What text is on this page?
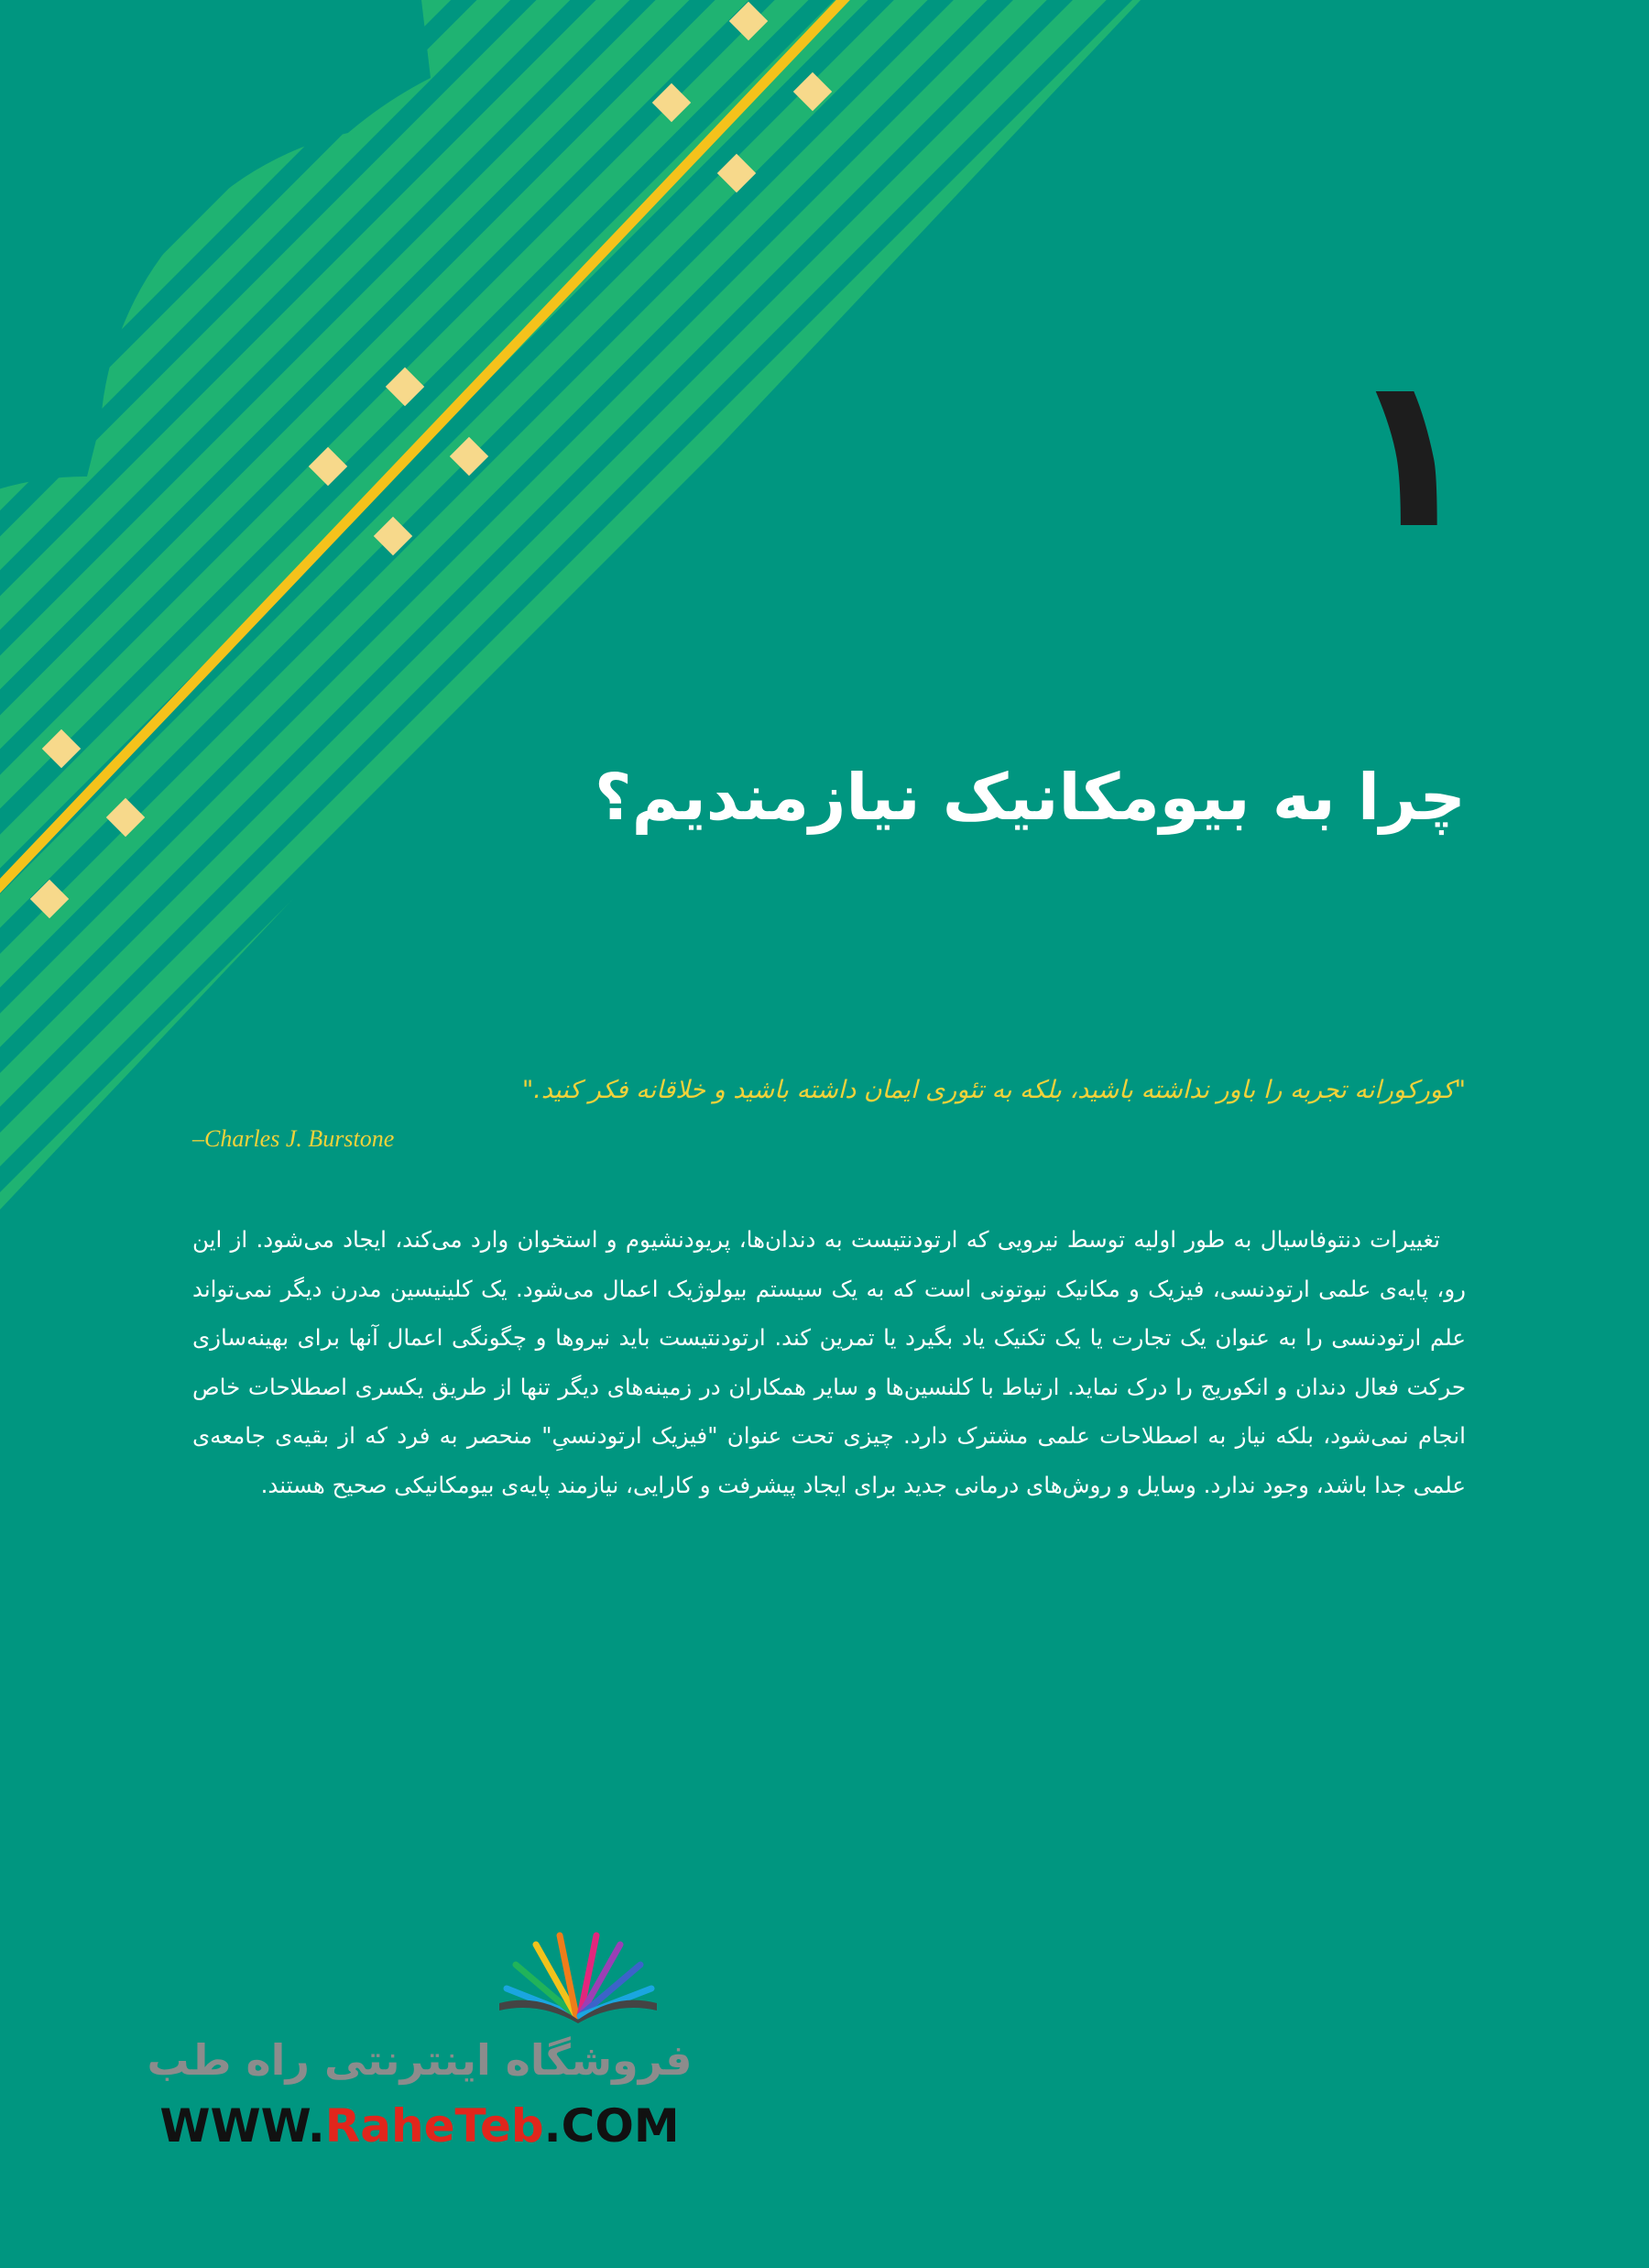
۱
چرا به بیومکانیک نیازمندیم؟
"کورکورانه تجربه را باور نداشته باشید، بلکه به تئوری ایمان داشته باشید و خلاقانه فکر کنید."
–Charles J. Burstone
تغییرات دنتوفاسیال به طور اولیه توسط نیرویی که ارتودنتیست به دندان‌ها، پریودنشیوم و استخوان وارد می‌کند، ایجاد می‌شود. از این رو، پایه‌ی علمی ارتودنسی، فیزیک و مکانیک نیوتونی است که به یک سیستم بیولوژیک اعمال می‌شود. یک کلینیسین مدرن دیگر نمی‌تواند علم ارتودنسی را به عنوان یک تجارت یا یک تکنیک یاد بگیرد یا تمرین کند. ارتودنتیست باید نیروها و چگونگی اعمال آنها برای بهینه‌سازی حرکت فعال دندان و انکوریج را درک نماید. ارتباط با کلنسین‌ها و سایر همکاران در زمینه‌های دیگر تنها از طریق یکسری اصطلاحات خاص انجام نمی‌شود، بلکه نیاز به اصطلاحات علمی مشترک دارد. چیزی تحت عنوان "فیزیک ارتودنسیِ" منحصر به فرد که از بقیه‌ی جامعه‌ی علمی جدا باشد، وجود ندارد. وسایل و روش‌های درمانی جدید برای ایجاد پیشرفت و کارایی، نیازمند پایه‌ی بیومکانیکی صحیح هستند.
فروشگاه اینترنتی راه طب
WWW.RaheTeb.COM
